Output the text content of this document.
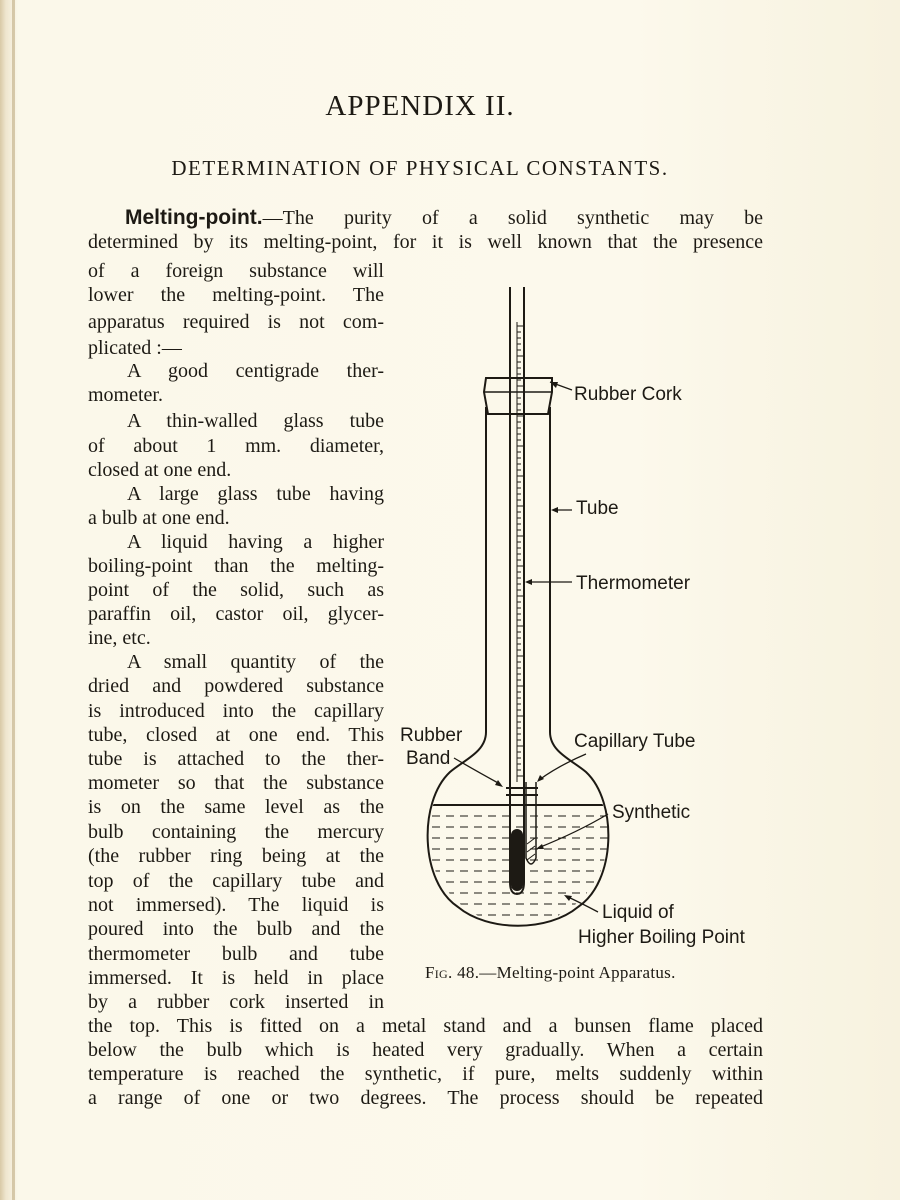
APPENDIX II.
DETERMINATION OF PHYSICAL CONSTANTS.
Melting-point.—The purity of a solid synthetic may be
determined by its melting-point, for it is well known that the presence
of a foreign substance will
lower the melting-point. The
apparatus required is not com-
plicated :—
A good centigrade ther-
mometer.
A thin-walled glass tube
of about 1 mm. diameter,
closed at one end.
A large glass tube having
a bulb at one end.
A liquid having a higher
boiling-point than the melting-
point of the solid, such as
paraffin oil, castor oil, glycer-
ine, etc.
A small quantity of the
dried and powdered substance
is introduced into the capillary
tube, closed at one end. This
tube is attached to the ther-
mometer so that the substance
is on the same level as the
bulb containing the mercury
(the rubber ring being at the
top of the capillary tube and
not immersed). The liquid is
poured into the bulb and the
thermometer bulb and tube
immersed. It is held in place
by a rubber cork inserted in
the top. This is fitted on a metal stand and a bunsen flame placed
below the bulb which is heated very gradually. When a certain
temperature is reached the synthetic, if pure, melts suddenly within
a range of one or two degrees. The process should be repeated
Rubber Cork
Tube
Thermometer
Rubber
Band
Capillary Tube
Synthetic
Liquid of
Higher Boiling Point
Fig. 48.—Melting-point Apparatus.
